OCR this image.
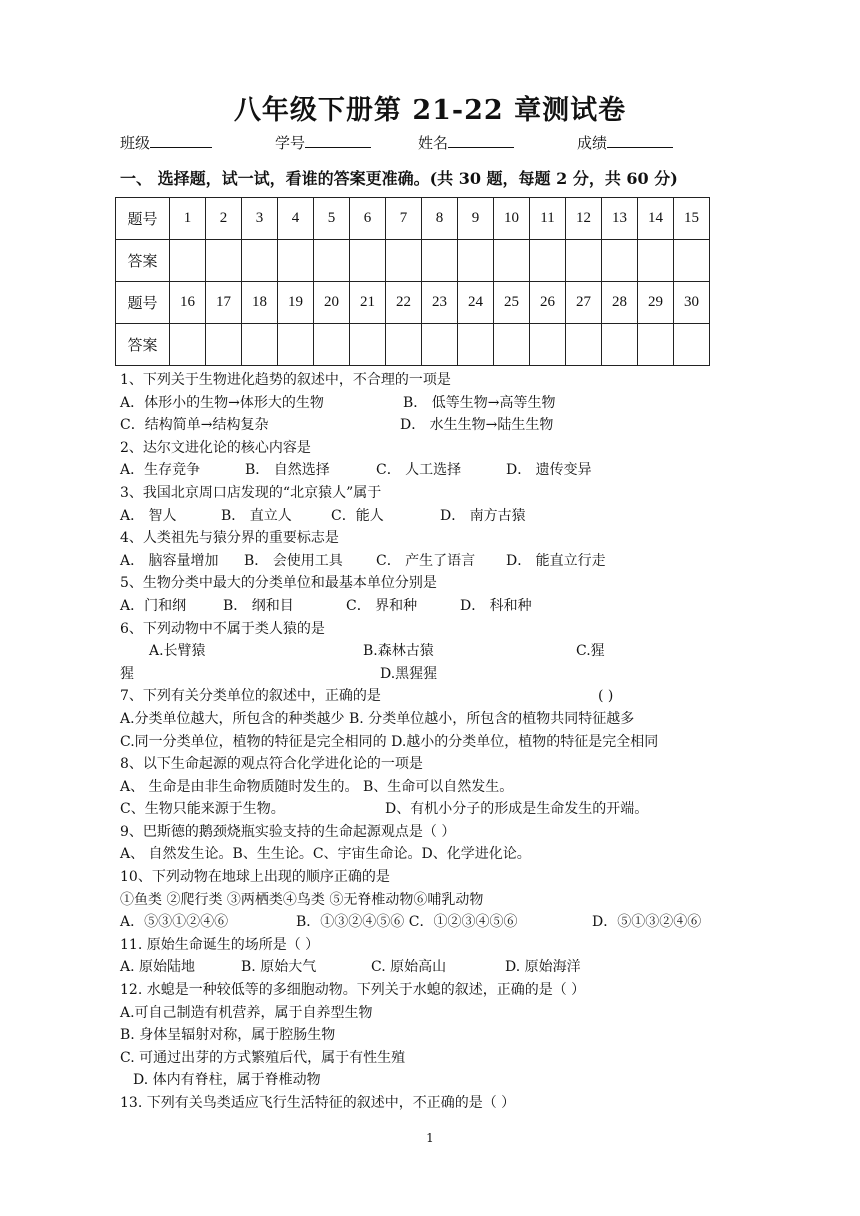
八年级下册第 21-22 章测试卷
班级	学号	姓名	成绩
一、 选择题，试一试，看谁的答案更准确。(共 30 题，每题 2 分，共 60 分)
题号	1	2	3	4	5	6	7	8	9	10	11	12	13	14	15
答案															
题号	16	17	18	19	20	21	22	23	24	25	26	27	28	29	30
答案															
1、下列关于生物进化趋势的叙述中，不合理的一项是
A．体形小的生物→体形大的生物	B． 低等生物→高等生物
C．结构简单→结构复杂	D． 水生生物→陆生生物
2、达尔文进化论的核心内容是
A．生存竞争	B． 自然选择	C． 人工选择	D． 遗传变异
3、我国北京周口店发现的“北京猿人”属于
A． 智人	B． 直立人	C．能人	D． 南方古猿
4、人类祖先与猿分界的重要标志是
A． 脑容量增加 B． 会使用工具 C． 产生了语言 D． 能直立行走
5、生物分类中最大的分类单位和最基本单位分别是
A．门和纲	B． 纲和目	C． 界和种	D． 科和种
6、下列动物中不属于类人猿的是
A.长臂猿	B.森林古猿	C.猩
猩	D.黑猩猩
7、下列有关分类单位的叙述中，正确的是	( )
A.分类单位越大，所包含的种类越少 B. 分类单位越小，所包含的植物共同特征越多
C.同一分类单位，植物的特征是完全相同的 D.越小的分类单位，植物的特征是完全相同
8、以下生命起源的观点符合化学进化论的一项是
A、 生命是由非生命物质随时发生的。 B、生命可以自然发生。
C、生物只能来源于生物。	D、有机小分子的形成是生命发生的开端。
9、巴斯德的鹅颈烧瓶实验支持的生命起源观点是（ ）
A、 自然发生论。B、生生论。C、宇宙生命论。D、化学进化论。
10、下列动物在地球上出现的顺序正确的是
①鱼类 ②爬行类 ③两栖类④鸟类 ⑤无脊椎动物⑥哺乳动物
A．⑤③①②④⑥	B．①③②④⑤⑥ C．①②③④⑤⑥	D．⑤①③②④⑥
11. 原始生命诞生的场所是（ ）
A. 原始陆地	B. 原始大气	C. 原始高山	D. 原始海洋
12. 水螅是一种较低等的多细胞动物。下列关于水螅的叙述，正确的是（ ）
A.可自己制造有机营养，属于自养型生物
B. 身体呈辐射对称，属于腔肠生物
C. 可通过出芽的方式繁殖后代，属于有性生殖
D. 体内有脊柱，属于脊椎动物
13. 下列有关鸟类适应飞行生活特征的叙述中，不正确的是（ ）
1
